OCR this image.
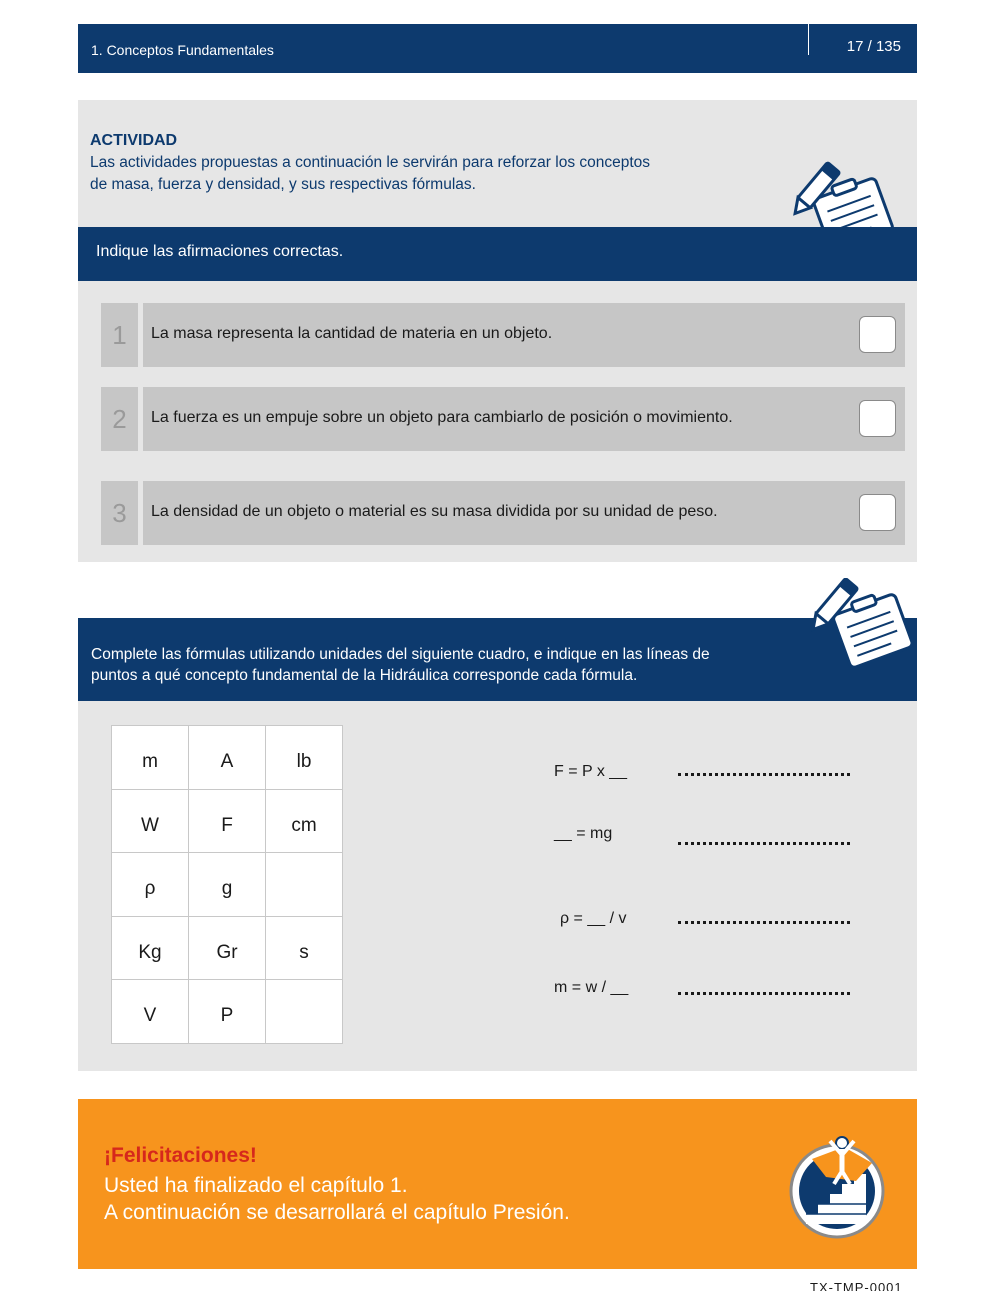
1. Conceptos Fundamentales	17 / 135
ACTIVIDAD
Las actividades propuestas a continuación le servirán para reforzar los conceptos
de masa, fuerza y densidad, y sus respectivas fórmulas.
Indique las afirmaciones correctas.
1	La masa representa la cantidad de materia en un objeto.
2	La fuerza es un empuje sobre un objeto para cambiarlo de posición o movimiento.
3	La densidad de un objeto o material es su masa dividida por su unidad de peso.

Complete las fórmulas utilizando unidades del siguiente cuadro, e indique en las líneas de
puntos a qué concepto fundamental de la Hidráulica corresponde cada fórmula.

m	A	lb
W	F	cm
ρ	g	
Kg	Gr	s
V	P	
F = P x __
__ = mg
ρ = __ / v
m = w / __
¡Felicitaciones!
Usted ha finalizado el capítulo 1.
A continuación se desarrollará el capítulo Presión.
TX-TMP-0001
